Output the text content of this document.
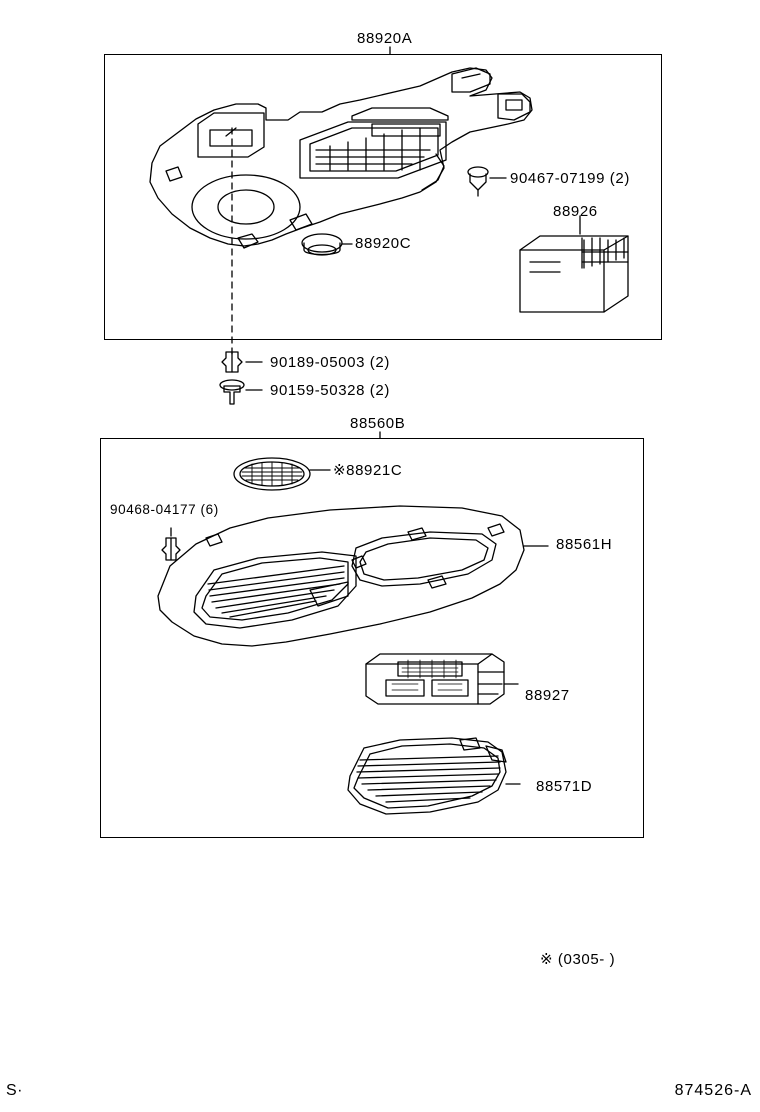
88920A
90467-07199 (2)
88926
88920C
90189-05003 (2)
90159-50328 (2)
88560B
※88921C
90468-04177 (6)
88561H
88927
88571D
※ (0305- )
S·	874526-A
